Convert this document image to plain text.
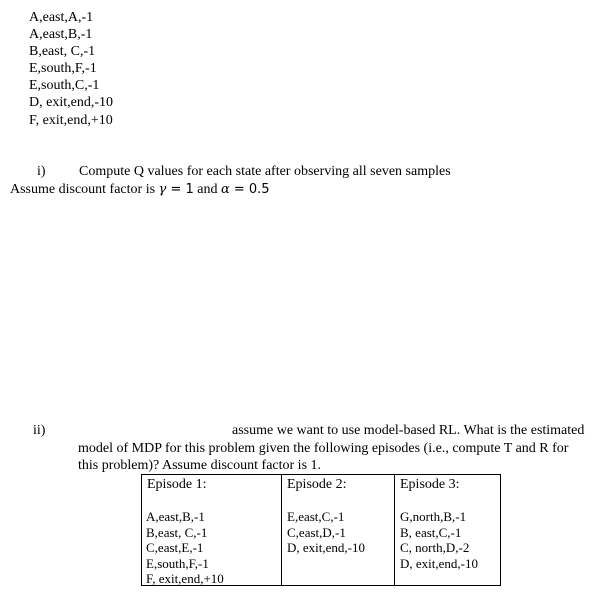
A,east,A,-1
A,east,B,-1
B,east, C,-1
E,south,F,-1
E,south,C,-1
D, exit,end,-10
F, exit,end,+10
i) Compute Q values for each state after observing all seven samples
Assume discount factor is γ = 1 and α = 0.5
ii)	assume we want to use model-based RL. What is the estimated
model of MDP for this problem given the following episodes (i.e., compute T and R for
this problem)? Assume discount factor is 1.
Episode 1:
A,east,B,-1
B,east, C,-1
C,east,E,-1
E,south,F,-1
F, exit,end,+10
Episode 2:
E,east,C,-1
C,east,D,-1
D, exit,end,-10
Episode 3:
G,north,B,-1
B, east,C,-1
C, north,D,-2
D, exit,end,-10
